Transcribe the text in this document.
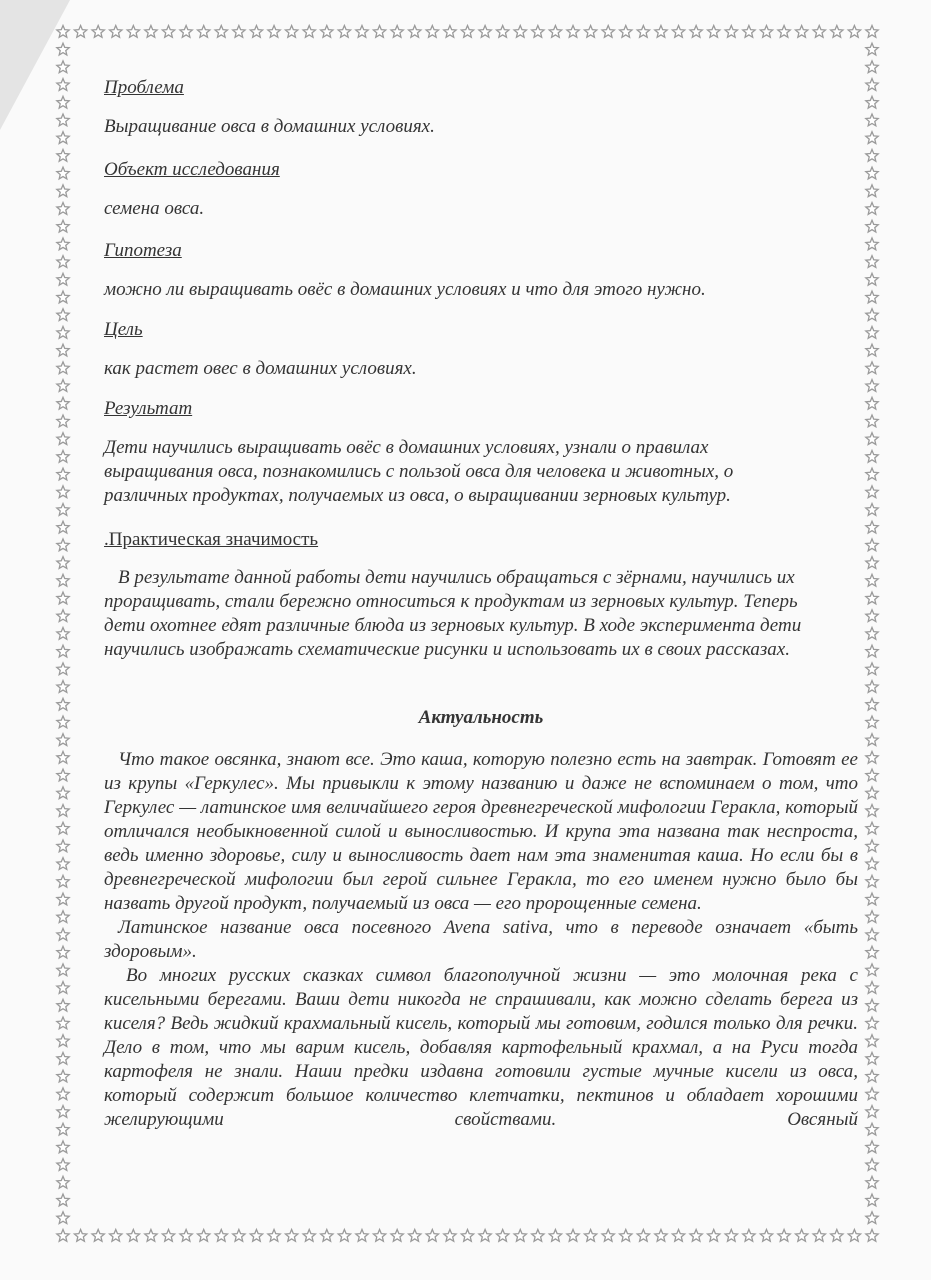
Проблема

Выращивание овса в домашних условиях.

Объект исследования

семена овса.

Гипотеза

можно ли выращивать овёс в домашних условиях и что для этого нужно.

Цель

как растет овес в домашних условиях.

Результат

Дети научились выращивать овёс в домашних условиях, узнали о правилах выращивания овса, познакомились с пользой овса для человека и животных, о различных продуктах, получаемых из овса, о выращивании зерновых культур.

.Практическая значимость

В результате данной работы дети научились обращаться с зёрнами, научились их проращивать, стали бережно относиться к продуктам из зерновых культур. Теперь дети охотнее едят различные блюда из зерновых культур. В ходе эксперимента дети научились изображать схематические рисунки и использовать их в своих рассказах.

Актуальность

Что такое овсянка, знают все. Это каша, которую полезно есть на завтрак. Готовят ее из крупы «Геркулес». Мы привыкли к этому названию и даже не вспоминаем о том, что Геркулес — латинское имя величайшего героя древнегреческой мифологии Геракла, который отличался необыкновенной силой и выносливостью. И крупа эта названа так неспроста, ведь именно здоровье, силу и выносливость дает нам эта знаменитая каша. Но если бы в древнегреческой мифологии был герой сильнее Геракла, то его именем нужно было бы назвать другой продукт, получаемый из овса — его пророщенные семена.

Латинское название овса посевного Avena sativa, что в переводе означает «быть здоровым».

Во многих русских сказках символ благополучной жизни — это молочная река с кисельными берегами. Ваши дети никогда не спрашивали, как можно сделать берега из киселя? Ведь жидкий крахмальный кисель, который мы готовим, годился только для речки. Дело в том, что мы варим кисель, добавляя картофельный крахмал, а на Руси тогда картофеля не знали. Наши предки издавна готовили густые мучные кисели из овса, который содержит большое количество клетчатки, пектинов и обладает хорошими желирующими свойствами. Овсяный
